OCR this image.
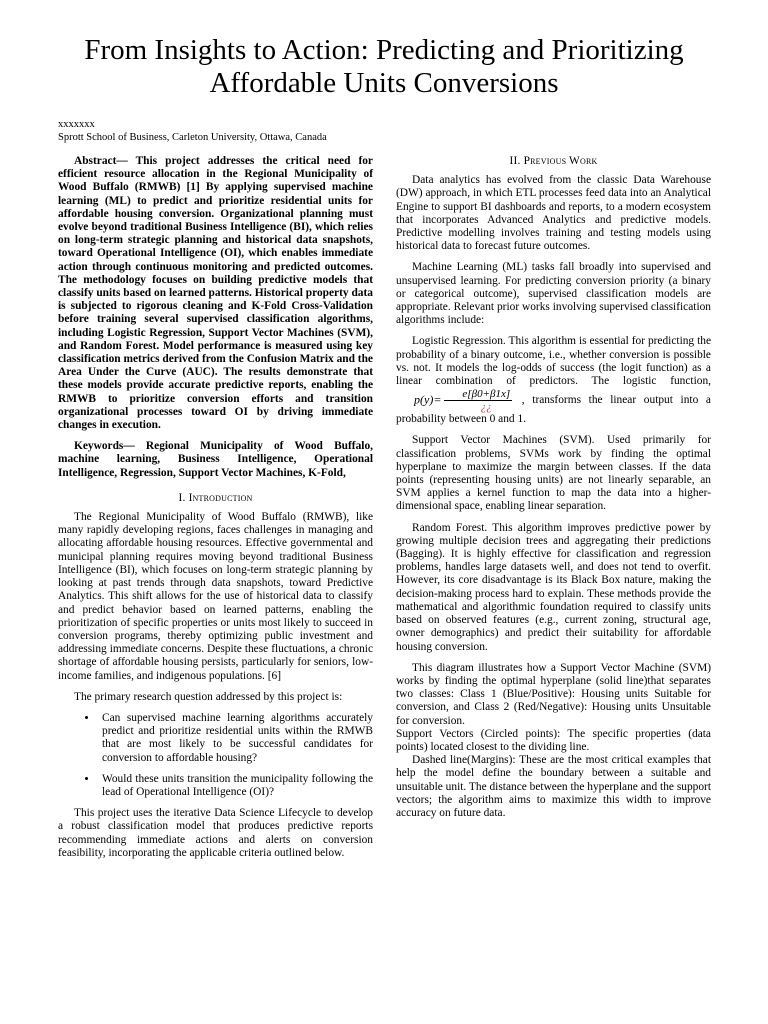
From Insights to Action: Predicting and Prioritizing Affordable Units Conversions
xxxxxxx
Sprott School of Business, Carleton University, Ottawa, Canada

Abstract— This project addresses the critical need for efficient resource allocation in the Regional Municipality of Wood Buffalo (RMWB) [1] By applying supervised machine learning (ML) to predict and prioritize residential units for affordable housing conversion. Organizational planning must evolve beyond traditional Business Intelligence (BI), which relies on long-term strategic planning and historical data snapshots, toward Operational Intelligence (OI), which enables immediate action through continuous monitoring and predicted outcomes. The methodology focuses on building predictive models that classify units based on learned patterns. Historical property data is subjected to rigorous cleaning and K-Fold Cross-Validation before training several supervised classification algorithms, including Logistic Regression, Support Vector Machines (SVM), and Random Forest. Model performance is measured using key classification metrics derived from the Confusion Matrix and the Area Under the Curve (AUC). The results demonstrate that these models provide accurate predictive reports, enabling the RMWB to prioritize conversion efforts and transition organizational processes toward OI by driving immediate changes in execution.

Keywords— Regional Municipality of Wood Buffalo, machine learning, Business Intelligence, Operational Intelligence, Regression, Support Vector Machines, K-Fold,

I. Introduction

The Regional Municipality of Wood Buffalo (RMWB), like many rapidly developing regions, faces challenges in managing and allocating affordable housing resources. Effective governmental and municipal planning requires moving beyond traditional Business Intelligence (BI), which focuses on long-term strategic planning by looking at past trends through data snapshots, toward Predictive Analytics. This shift allows for the use of historical data to classify and predict behavior based on learned patterns, enabling the prioritization of specific properties or units most likely to succeed in conversion programs, thereby optimizing public investment and addressing immediate concerns. Despite these fluctuations, a chronic shortage of affordable housing persists, particularly for seniors, low-income families, and indigenous populations. [6]

The primary research question addressed by this project is:

• Can supervised machine learning algorithms accurately predict and prioritize residential units within the RMWB that are most likely to be successful candidates for conversion to affordable housing?
• Would these units transition the municipality following the lead of Operational Intelligence (OI)?

This project uses the iterative Data Science Lifecycle to develop a robust classification model that produces predictive reports recommending immediate actions and alerts on conversion feasibility, incorporating the applicable criteria outlined below.

II. Previous Work

Data analytics has evolved from the classic Data Warehouse (DW) approach, in which ETL processes feed data into an Analytical Engine to support BI dashboards and reports, to a modern ecosystem that incorporates Advanced Analytics and predictive models. Predictive modelling involves training and testing models using historical data to forecast future outcomes.

Machine Learning (ML) tasks fall broadly into supervised and unsupervised learning. For predicting conversion priority (a binary or categorical outcome), supervised classification models are appropriate. Relevant prior works involving supervised classification algorithms include:

Logistic Regression. This algorithm is essential for predicting the probability of a binary outcome, i.e., whether conversion is possible vs. not. It models the log-odds of success (the logit function) as a linear combination of predictors. The logistic function, $p(y)= \frac{e[\beta 0+\beta 1x]}{¿¿}$ , transforms the linear output into a probability between 0 and 1.

Support Vector Machines (SVM). Used primarily for classification problems, SVMs work by finding the optimal hyperplane to maximize the margin between classes. If the data points (representing housing units) are not linearly separable, an SVM applies a kernel function to map the data into a higher-dimensional space, enabling linear separation.

Random Forest. This algorithm improves predictive power by growing multiple decision trees and aggregating their predictions (Bagging). It is highly effective for classification and regression problems, handles large datasets well, and does not tend to overfit. However, its core disadvantage is its Black Box nature, making the decision-making process hard to explain. These methods provide the mathematical and algorithmic foundation required to classify units based on observed features (e.g., current zoning, structural age, owner demographics) and predict their suitability for affordable housing conversion.

This diagram illustrates how a Support Vector Machine (SVM) works by finding the optimal hyperplane (solid line)that separates two classes: Class 1 (Blue/Positive): Housing units Suitable for conversion, and Class 2 (Red/Negative): Housing units Unsuitable for conversion.

Support Vectors (Circled points): The specific properties (data points) located closest to the dividing line.

Dashed line(Margins): These are the most critical examples that help the model define the boundary between a suitable and unsuitable unit. The distance between the hyperplane and the support vectors; the algorithm aims to maximize this width to improve accuracy on future data.
